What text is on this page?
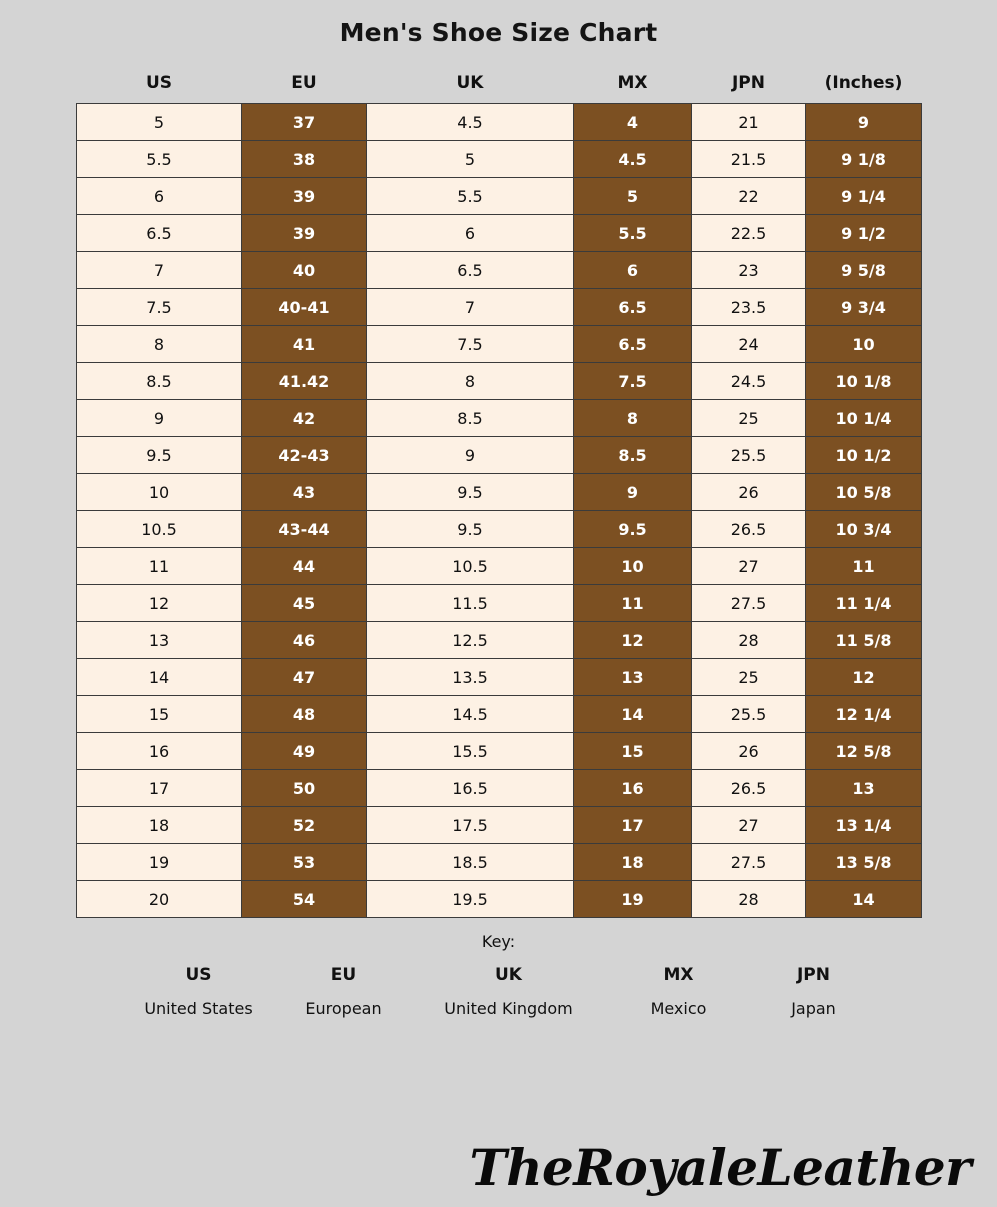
Men's Shoe Size Chart
US	EU	UK	MX	JPN	(Inches)
5	37	4.5	4	21	9
5.5	38	5	4.5	21.5	9 1/8
6	39	5.5	5	22	9 1/4
6.5	39	6	5.5	22.5	9 1/2
7	40	6.5	6	23	9 5/8
7.5	40-41	7	6.5	23.5	9 3/4
8	41	7.5	6.5	24	10
8.5	41.42	8	7.5	24.5	10 1/8
9	42	8.5	8	25	10 1/4
9.5	42-43	9	8.5	25.5	10 1/2
10	43	9.5	9	26	10 5/8
10.5	43-44	9.5	9.5	26.5	10 3/4
11	44	10.5	10	27	11
12	45	11.5	11	27.5	11 1/4
13	46	12.5	12	28	11 5/8
14	47	13.5	13	25	12
15	48	14.5	14	25.5	12 1/4
16	49	15.5	15	26	12 5/8
17	50	16.5	16	26.5	13
18	52	17.5	17	27	13 1/4
19	53	18.5	18	27.5	13 5/8
20	54	19.5	19	28	14
Key:
US	EU	UK	MX	JPN
United States	European	United Kingdom	Mexico	Japan
TheRoyaleLeather
